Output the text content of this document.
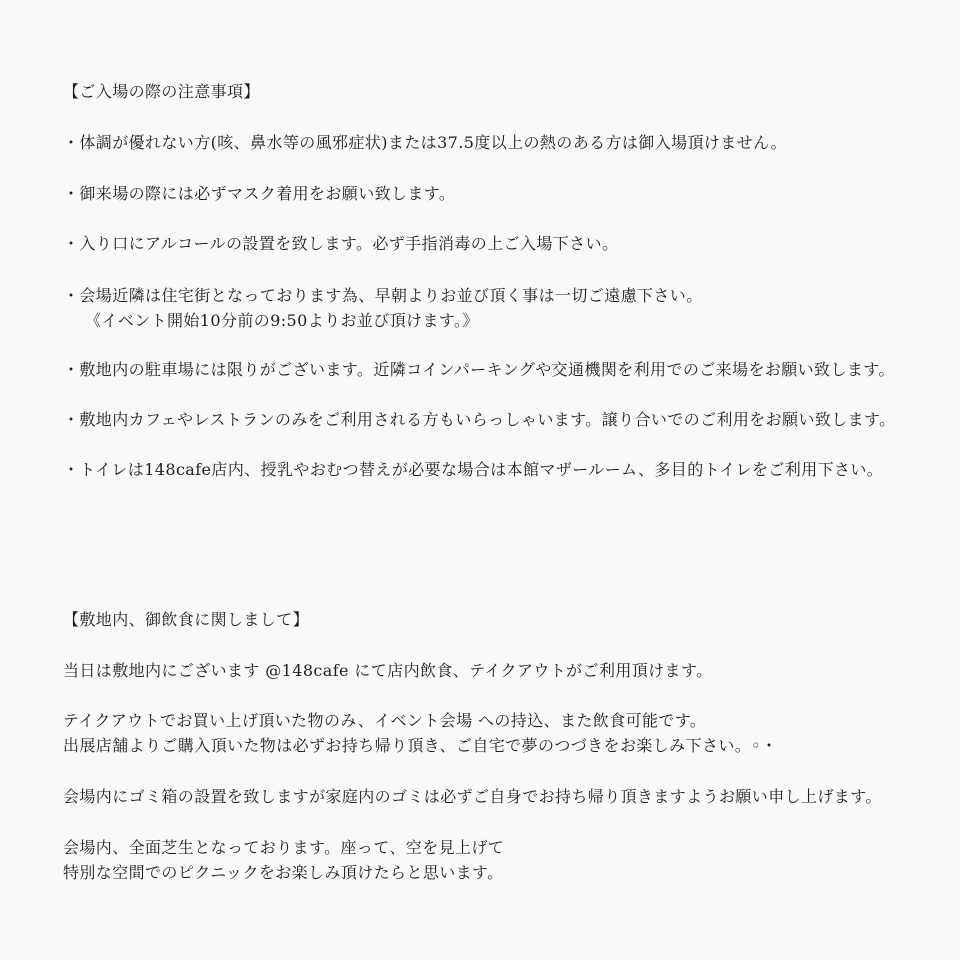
【ご入場の際の注意事項】
・体調が優れない方(咳、鼻水等の風邪症状)または37.5度以上の熱のある方は御入場頂けません。
・御来場の際には必ずマスク着用をお願い致します。
・入り口にアルコールの設置を致します。必ず手指消毒の上ご入場下さい。
・会場近隣は住宅街となっております為、早朝よりお並び頂く事は一切ご遠慮下さい。
《イベント開始10分前の9:50よりお並び頂けます。》
・敷地内の駐車場には限りがございます。近隣コインパーキングや交通機関を利用でのご来場をお願い致します。
・敷地内カフェやレストランのみをご利用される方もいらっしゃいます。譲り合いでのご利用をお願い致します。
・トイレは148cafe店内、授乳やおむつ替えが必要な場合は本館マザールーム、多目的トイレをご利用下さい。
【敷地内、御飲食に関しまして】
当日は敷地内にございます @148cafe にて店内飲食、テイクアウトがご利用頂けます。
テイクアウトでお買い上げ頂いた物のみ、イベント会場 への持込、また飲食可能です。
出展店舗よりご購入頂いた物は必ずお持ち帰り頂き、ご自宅で夢のつづきをお楽しみ下さい。◦・
会場内にゴミ箱の設置を致しますが家庭内のゴミは必ずご自身でお持ち帰り頂きますようお願い申し上げます。
会場内、全面芝生となっております。座って、空を見上げて
特別な空間でのピクニックをお楽しみ頂けたらと思います。
